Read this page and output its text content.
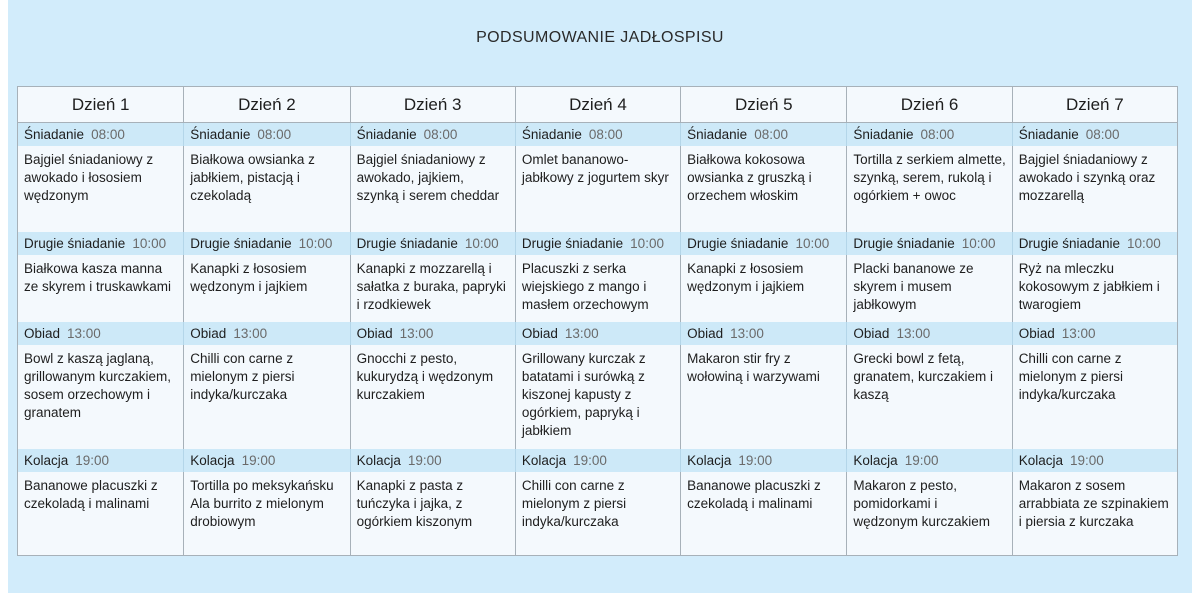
PODSUMOWANIE JADŁOSPISU
Dzień 1	Dzień 2	Dzień 3	Dzień 4	Dzień 5	Dzień 6	Dzień 7
Śniadanie 08:00	Śniadanie 08:00	Śniadanie 08:00	Śniadanie 08:00	Śniadanie 08:00	Śniadanie 08:00	Śniadanie 08:00
Bajgiel śniadaniowy z awokado i łososiem wędzonym	Białkowa owsianka z jabłkiem, pistacją i czekoladą	Bajgiel śniadaniowy z awokado, jajkiem, szynką i serem cheddar	Omlet bananowo-jabłkowy z jogurtem skyr	Białkowa kokosowa owsianka z gruszką i orzechem włoskim	Tortilla z serkiem almette, szynką, serem, rukolą i ogórkiem + owoc	Bajgiel śniadaniowy z awokado i szynką oraz mozzarellą
Drugie śniadanie 10:00	Drugie śniadanie 10:00	Drugie śniadanie 10:00	Drugie śniadanie 10:00	Drugie śniadanie 10:00	Drugie śniadanie 10:00	Drugie śniadanie 10:00
Białkowa kasza manna ze skyrem i truskawkami	Kanapki z łososiem wędzonym i jajkiem	Kanapki z mozzarellą i sałatka z buraka, papryki i rzodkiewek	Placuszki z serka wiejskiego z mango i masłem orzechowym	Kanapki z łososiem wędzonym i jajkiem	Placki bananowe ze skyrem i musem jabłkowym	Ryż na mleczku kokosowym z jabłkiem i twarogiem
Obiad 13:00	Obiad 13:00	Obiad 13:00	Obiad 13:00	Obiad 13:00	Obiad 13:00	Obiad 13:00
Bowl z kaszą jaglaną, grillowanym kurczakiem, sosem orzechowym i granatem	Chilli con carne z mielonym z piersi indyka/kurczaka	Gnocchi z pesto, kukurydzą i wędzonym kurczakiem	Grillowany kurczak z batatami i surówką z kiszonej kapusty z ogórkiem, papryką i jabłkiem	Makaron stir fry z wołowiną i warzywami	Grecki bowl z fetą, granatem, kurczakiem i kaszą	Chilli con carne z mielonym z piersi indyka/kurczaka
Kolacja 19:00	Kolacja 19:00	Kolacja 19:00	Kolacja 19:00	Kolacja 19:00	Kolacja 19:00	Kolacja 19:00
Bananowe placuszki z czekoladą i malinami	Tortilla po meksykańsku Ala burrito z mielonym drobiowym	Kanapki z pasta z tuńczyka i jajka, z ogórkiem kiszonym	Chilli con carne z mielonym z piersi indyka/kurczaka	Bananowe placuszki z czekoladą i malinami	Makaron z pesto, pomidorkami i wędzonym kurczakiem	Makaron z sosem arrabbiata ze szpinakiem i piersia z kurczaka
